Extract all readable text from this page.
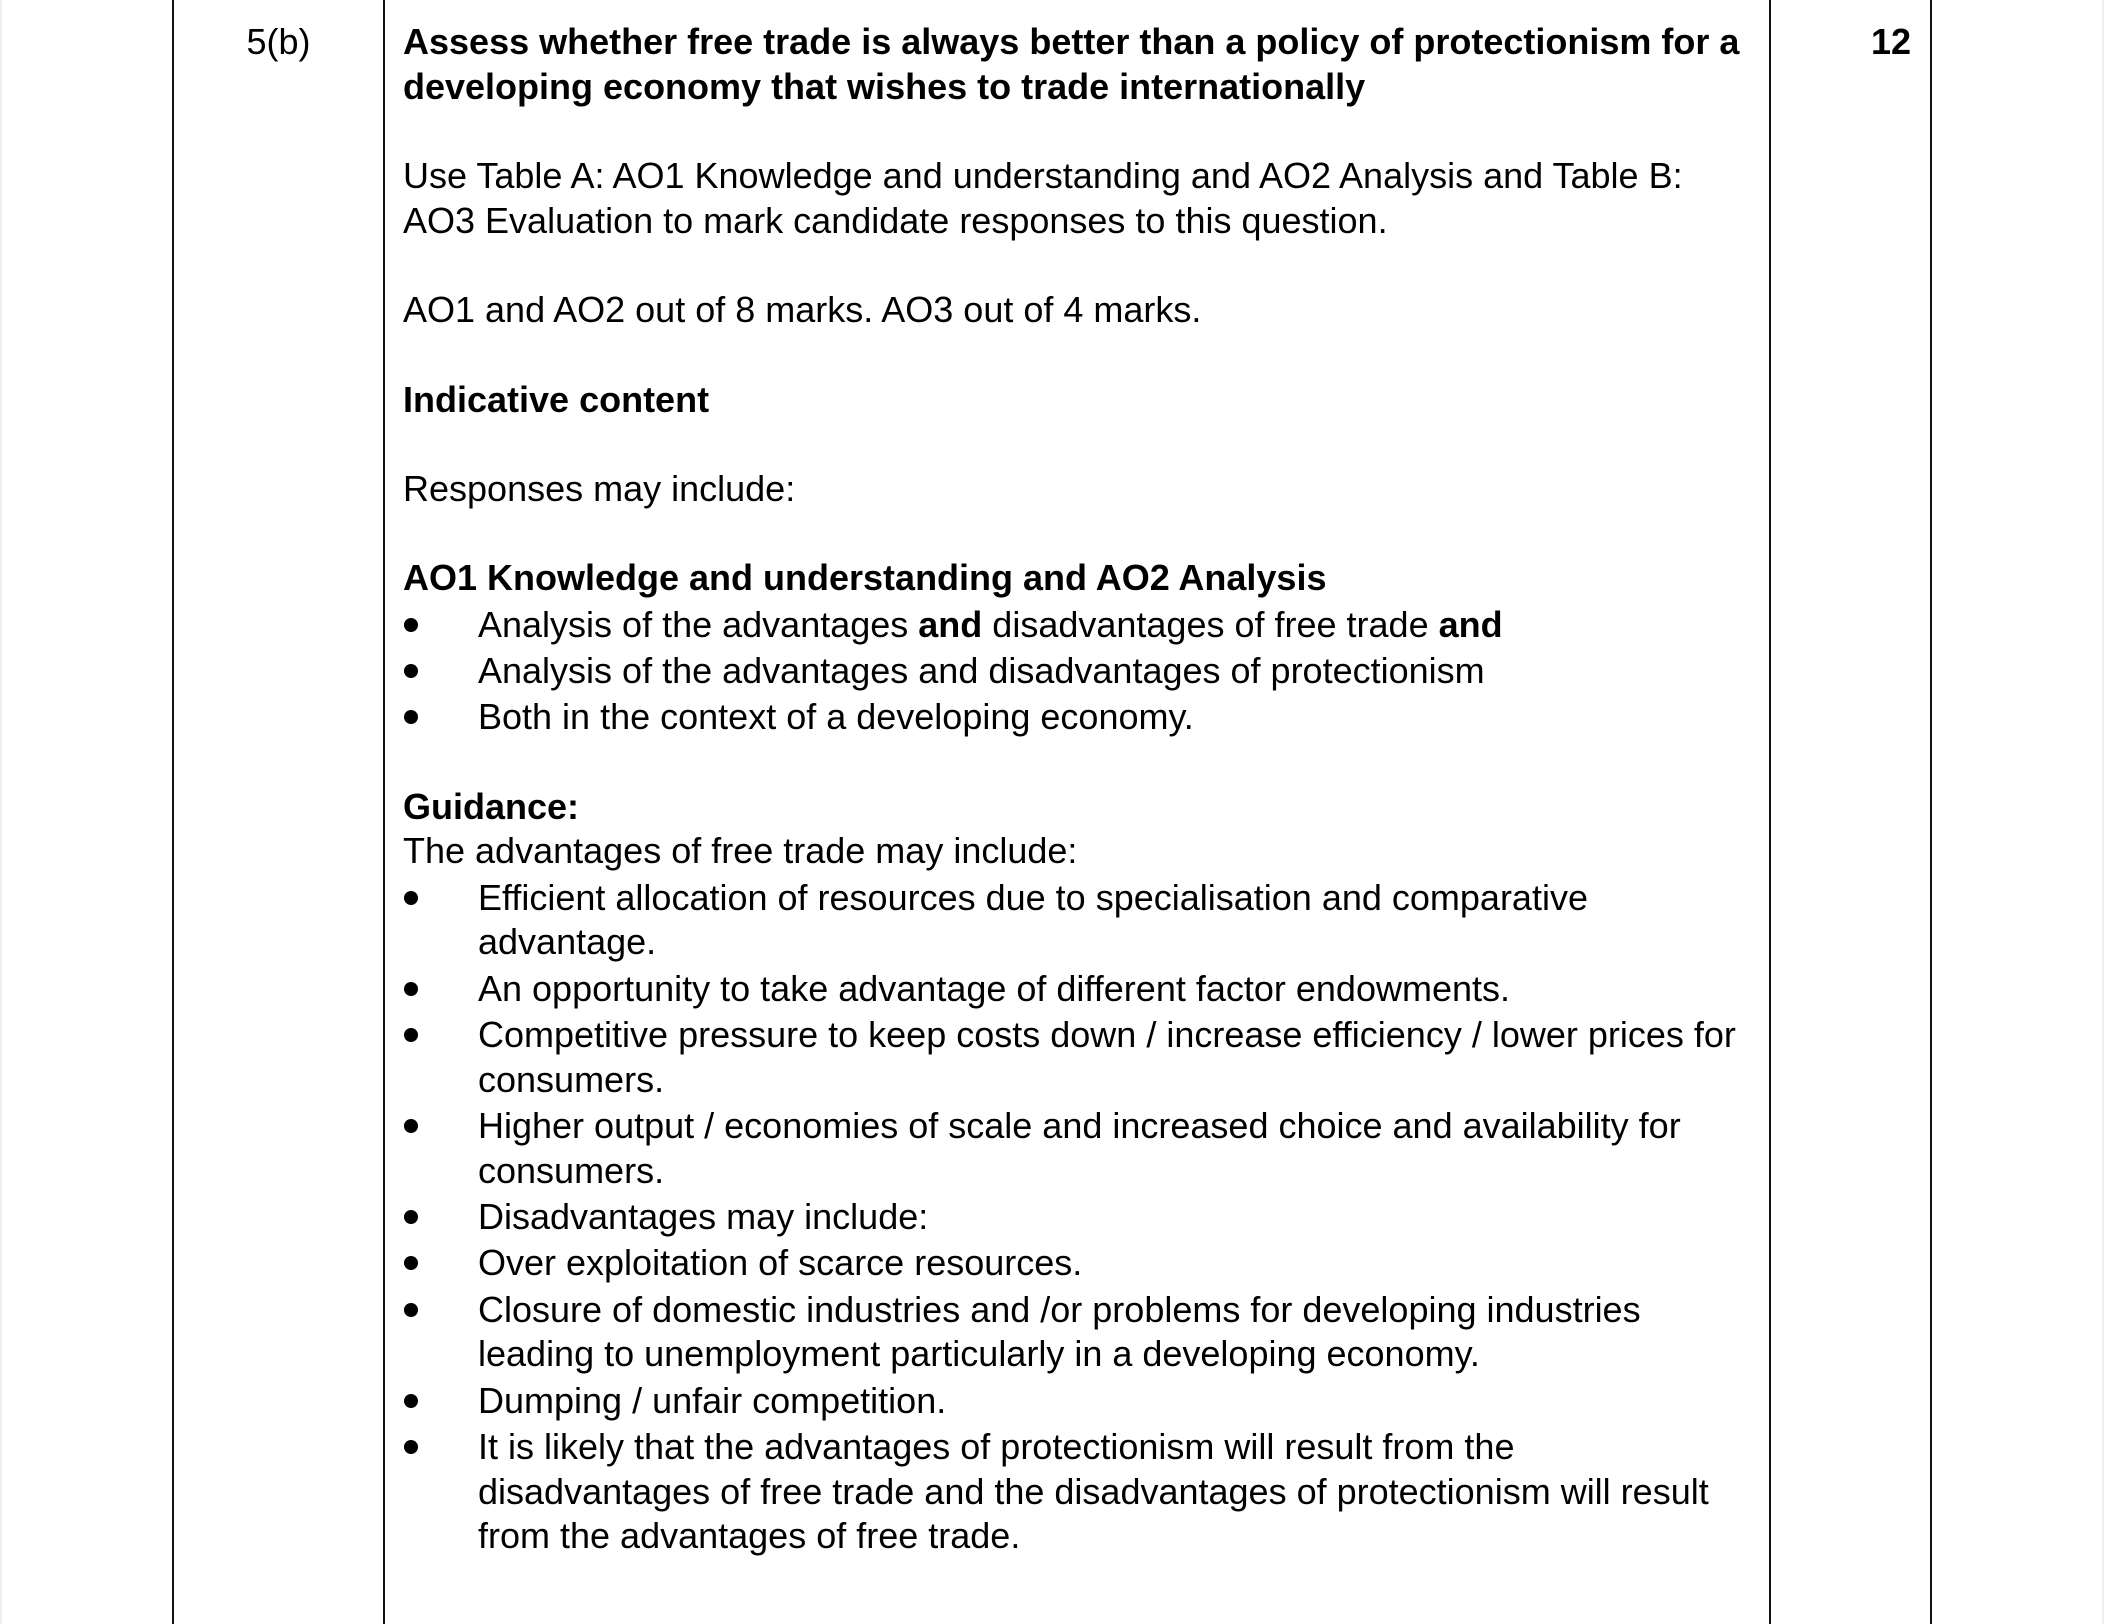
5(b)	Assess whether free trade is always better than a policy of protectionism for a developing economy that wishes to trade internationally

Use Table A: AO1 Knowledge and understanding and AO2 Analysis and Table B: AO3 Evaluation to mark candidate responses to this question.

AO1 and AO2 out of 8 marks. AO3 out of 4 marks.

Indicative content

Responses may include:

AO1 Knowledge and understanding and AO2 Analysis

Analysis of the advantages and disadvantages of free trade and
Analysis of the advantages and disadvantages of protectionism
Both in the context of a developing economy.

Guidance:

The advantages of free trade may include:

Efficient allocation of resources due to specialisation and comparative advantage.
An opportunity to take advantage of different factor endowments.
Competitive pressure to keep costs down / increase efficiency / lower prices for consumers.
Higher output / economies of scale and increased choice and availability for consumers.
Disadvantages may include:
Over exploitation of scarce resources.
Closure of domestic industries and /or problems for developing industries leading to unemployment particularly in a developing economy.
Dumping / unfair competition.
It is likely that the advantages of protectionism will result from the disadvantages of free trade and the disadvantages of protectionism will result from the advantages of free trade.
12
